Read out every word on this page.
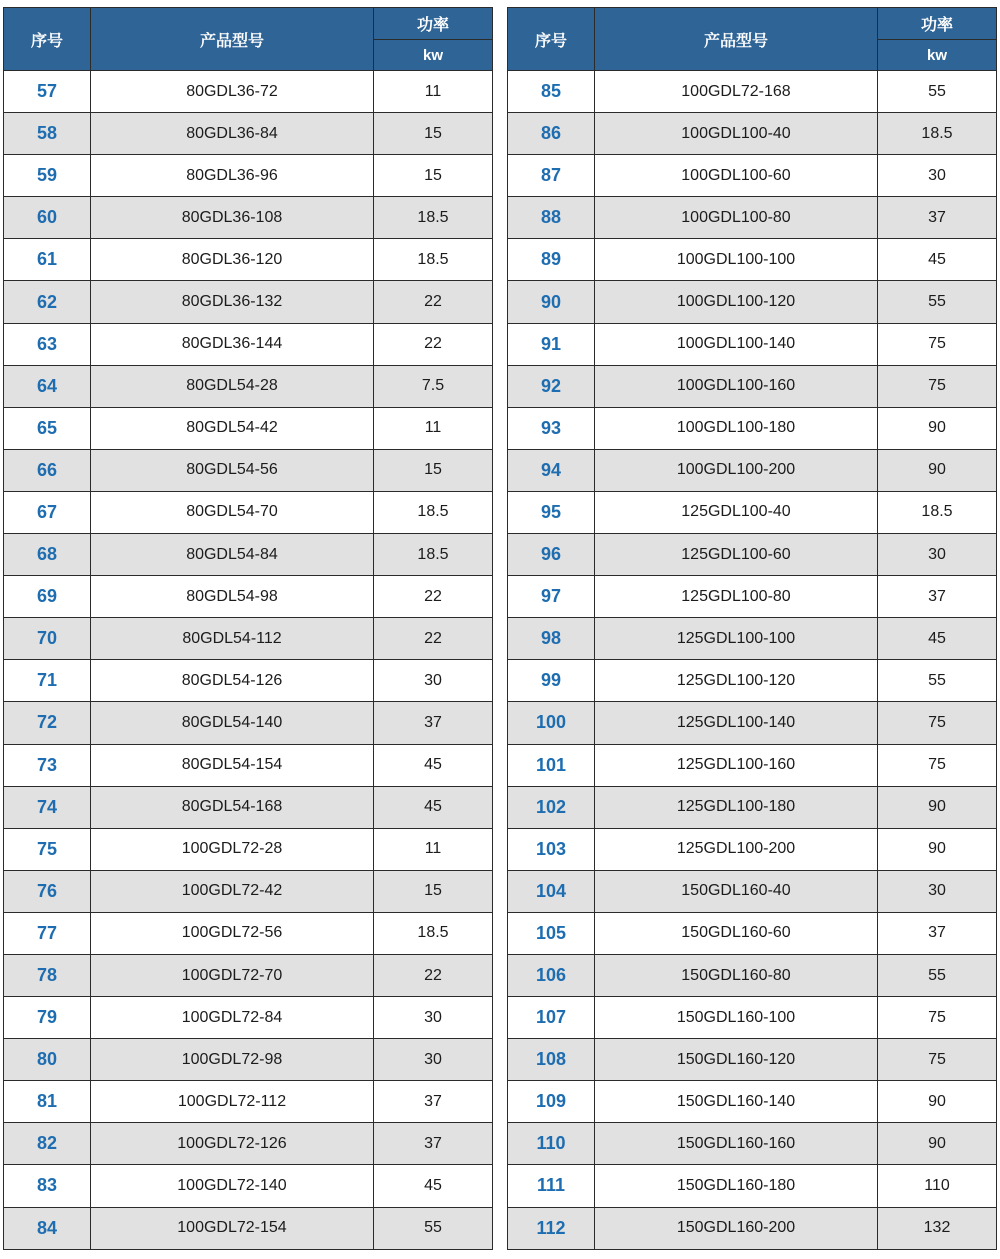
序号	产品型号	功率
		kw
57	80GDL36-72	11
58	80GDL36-84	15
59	80GDL36-96	15
60	80GDL36-108	18.5
61	80GDL36-120	18.5
62	80GDL36-132	22
63	80GDL36-144	22
64	80GDL54-28	7.5
65	80GDL54-42	11
66	80GDL54-56	15
67	80GDL54-70	18.5
68	80GDL54-84	18.5
69	80GDL54-98	22
70	80GDL54-112	22
71	80GDL54-126	30
72	80GDL54-140	37
73	80GDL54-154	45
74	80GDL54-168	45
75	100GDL72-28	11
76	100GDL72-42	15
77	100GDL72-56	18.5
78	100GDL72-70	22
79	100GDL72-84	30
80	100GDL72-98	30
81	100GDL72-112	37
82	100GDL72-126	37
83	100GDL72-140	45
84	100GDL72-154	55
序号	产品型号	功率
		kw
85	100GDL72-168	55
86	100GDL100-40	18.5
87	100GDL100-60	30
88	100GDL100-80	37
89	100GDL100-100	45
90	100GDL100-120	55
91	100GDL100-140	75
92	100GDL100-160	75
93	100GDL100-180	90
94	100GDL100-200	90
95	125GDL100-40	18.5
96	125GDL100-60	30
97	125GDL100-80	37
98	125GDL100-100	45
99	125GDL100-120	55
100	125GDL100-140	75
101	125GDL100-160	75
102	125GDL100-180	90
103	125GDL100-200	90
104	150GDL160-40	30
105	150GDL160-60	37
106	150GDL160-80	55
107	150GDL160-100	75
108	150GDL160-120	75
109	150GDL160-140	90
110	150GDL160-160	90
111	150GDL160-180	110
112	150GDL160-200	132
